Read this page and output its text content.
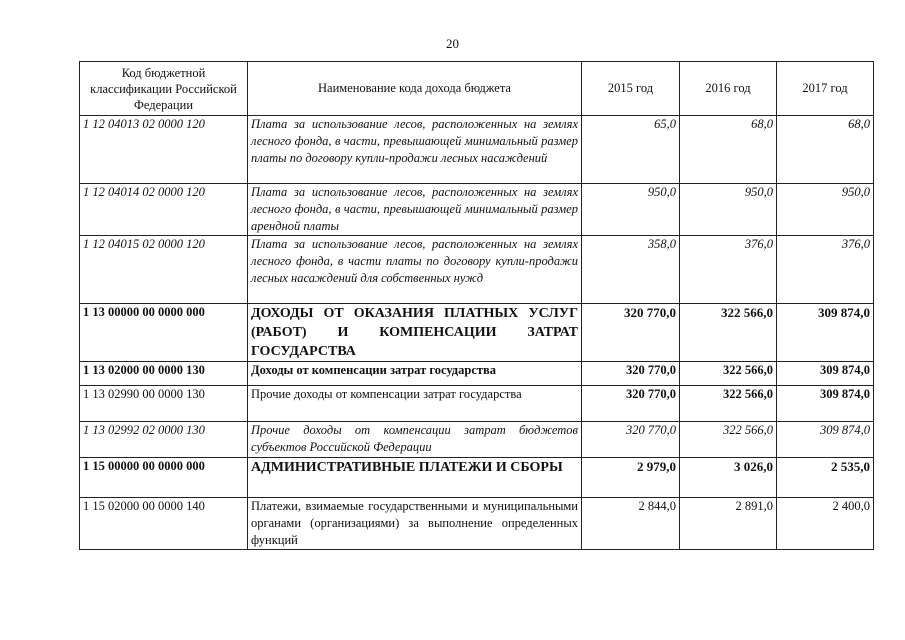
20
Код бюджетной классификации Российской Федерации	Наименование кода дохода бюджета	2015 год	2016 год	2017 год
1 12 04013 02 0000 120	Плата за использование лесов, расположенных на землях лесного фонда, в части, превышающей минимальный размер платы по договору купли-продажи лесных насаждений	65,0	68,0	68,0
1 12 04014 02 0000 120	Плата за использование лесов, расположенных на землях лесного фонда, в части, превышающей минимальный размер арендной платы	950,0	950,0	950,0
1 12 04015 02 0000 120	Плата за использование лесов, расположенных на землях лесного фонда, в части платы по договору купли-продажи лесных насаждений для собственных нужд	358,0	376,0	376,0
1 13 00000 00 0000 000	ДОХОДЫ ОТ ОКАЗАНИЯ ПЛАТНЫХ УСЛУГ (РАБОТ) И КОМПЕНСАЦИИ ЗАТРАТ ГОСУДАРСТВА	320 770,0	322 566,0	309 874,0
1 13 02000 00 0000 130	Доходы от компенсации затрат государства	320 770,0	322 566,0	309 874,0
1 13 02990 00 0000 130	Прочие доходы от компенсации затрат государства	320 770,0	322 566,0	309 874,0
1 13 02992 02 0000 130	Прочие доходы от компенсации затрат бюджетов субъектов Российской Федерации	320 770,0	322 566,0	309 874,0
1 15 00000 00 0000 000	АДМИНИСТРАТИВНЫЕ ПЛАТЕЖИ И СБОРЫ	2 979,0	3 026,0	2 535,0
1 15 02000 00 0000 140	Платежи, взимаемые государственными и муниципальными органами (организациями) за выполнение определенных функций	2 844,0	2 891,0	2 400,0
